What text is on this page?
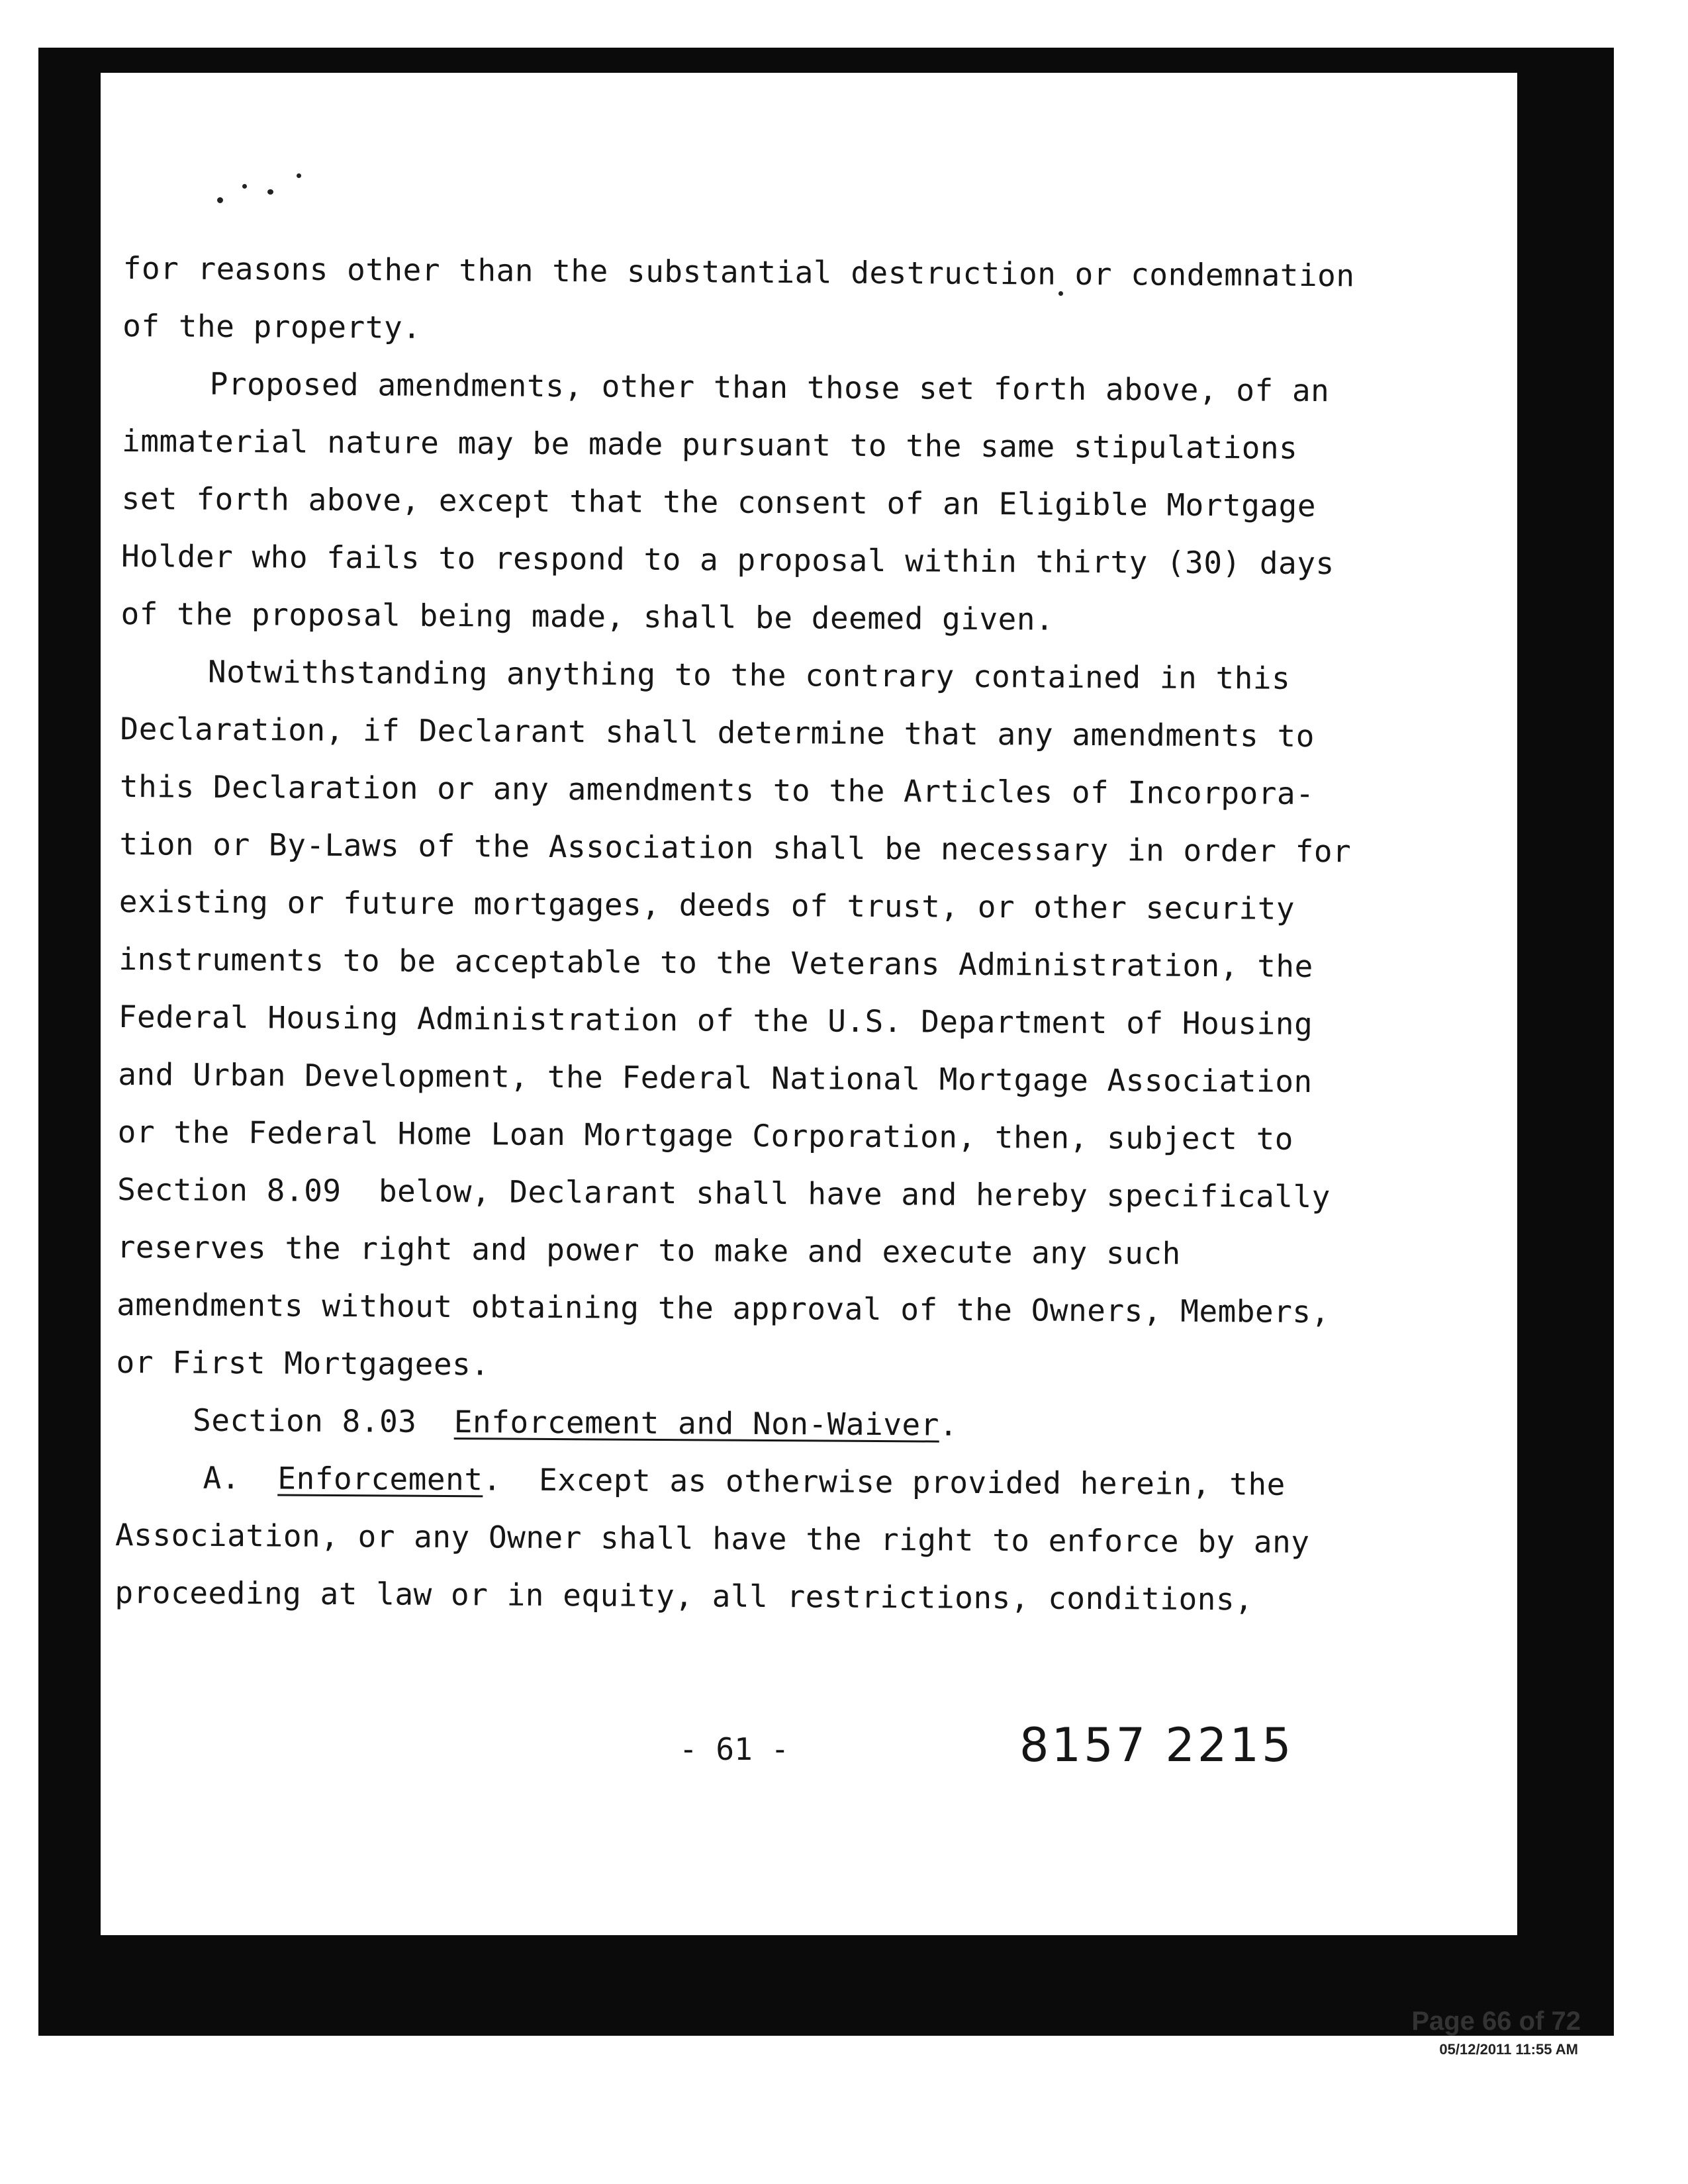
for reasons other than the substantial destruction or condemnation
of the property.
Proposed amendments, other than those set forth above, of an
immaterial nature may be made pursuant to the same stipulations
set forth above, except that the consent of an Eligible Mortgage
Holder who fails to respond to a proposal within thirty (30) days
of the proposal being made, shall be deemed given.
Notwithstanding anything to the contrary contained in this
Declaration, if Declarant shall determine that any amendments to
this Declaration or any amendments to the Articles of Incorpora-
tion or By-Laws of the Association shall be necessary in order for
existing or future mortgages, deeds of trust, or other security
instruments to be acceptable to the Veterans Administration, the
Federal Housing Administration of the U.S. Department of Housing
and Urban Development, the Federal National Mortgage Association
or the Federal Home Loan Mortgage Corporation, then, subject to
Section 8.09  below, Declarant shall have and hereby specifically
reserves the right and power to make and execute any such
amendments without obtaining the approval of the Owners, Members,
or First Mortgagees.
Section 8.03 Enforcement and Non-Waiver.
A. Enforcement.  Except as otherwise provided herein, the
Association, or any Owner shall have the right to enforce by any
proceeding at law or in equity, all restrictions, conditions,
- 61 -	8157 2215
Page 66 of 72
05/12/2011 11:55 AM
